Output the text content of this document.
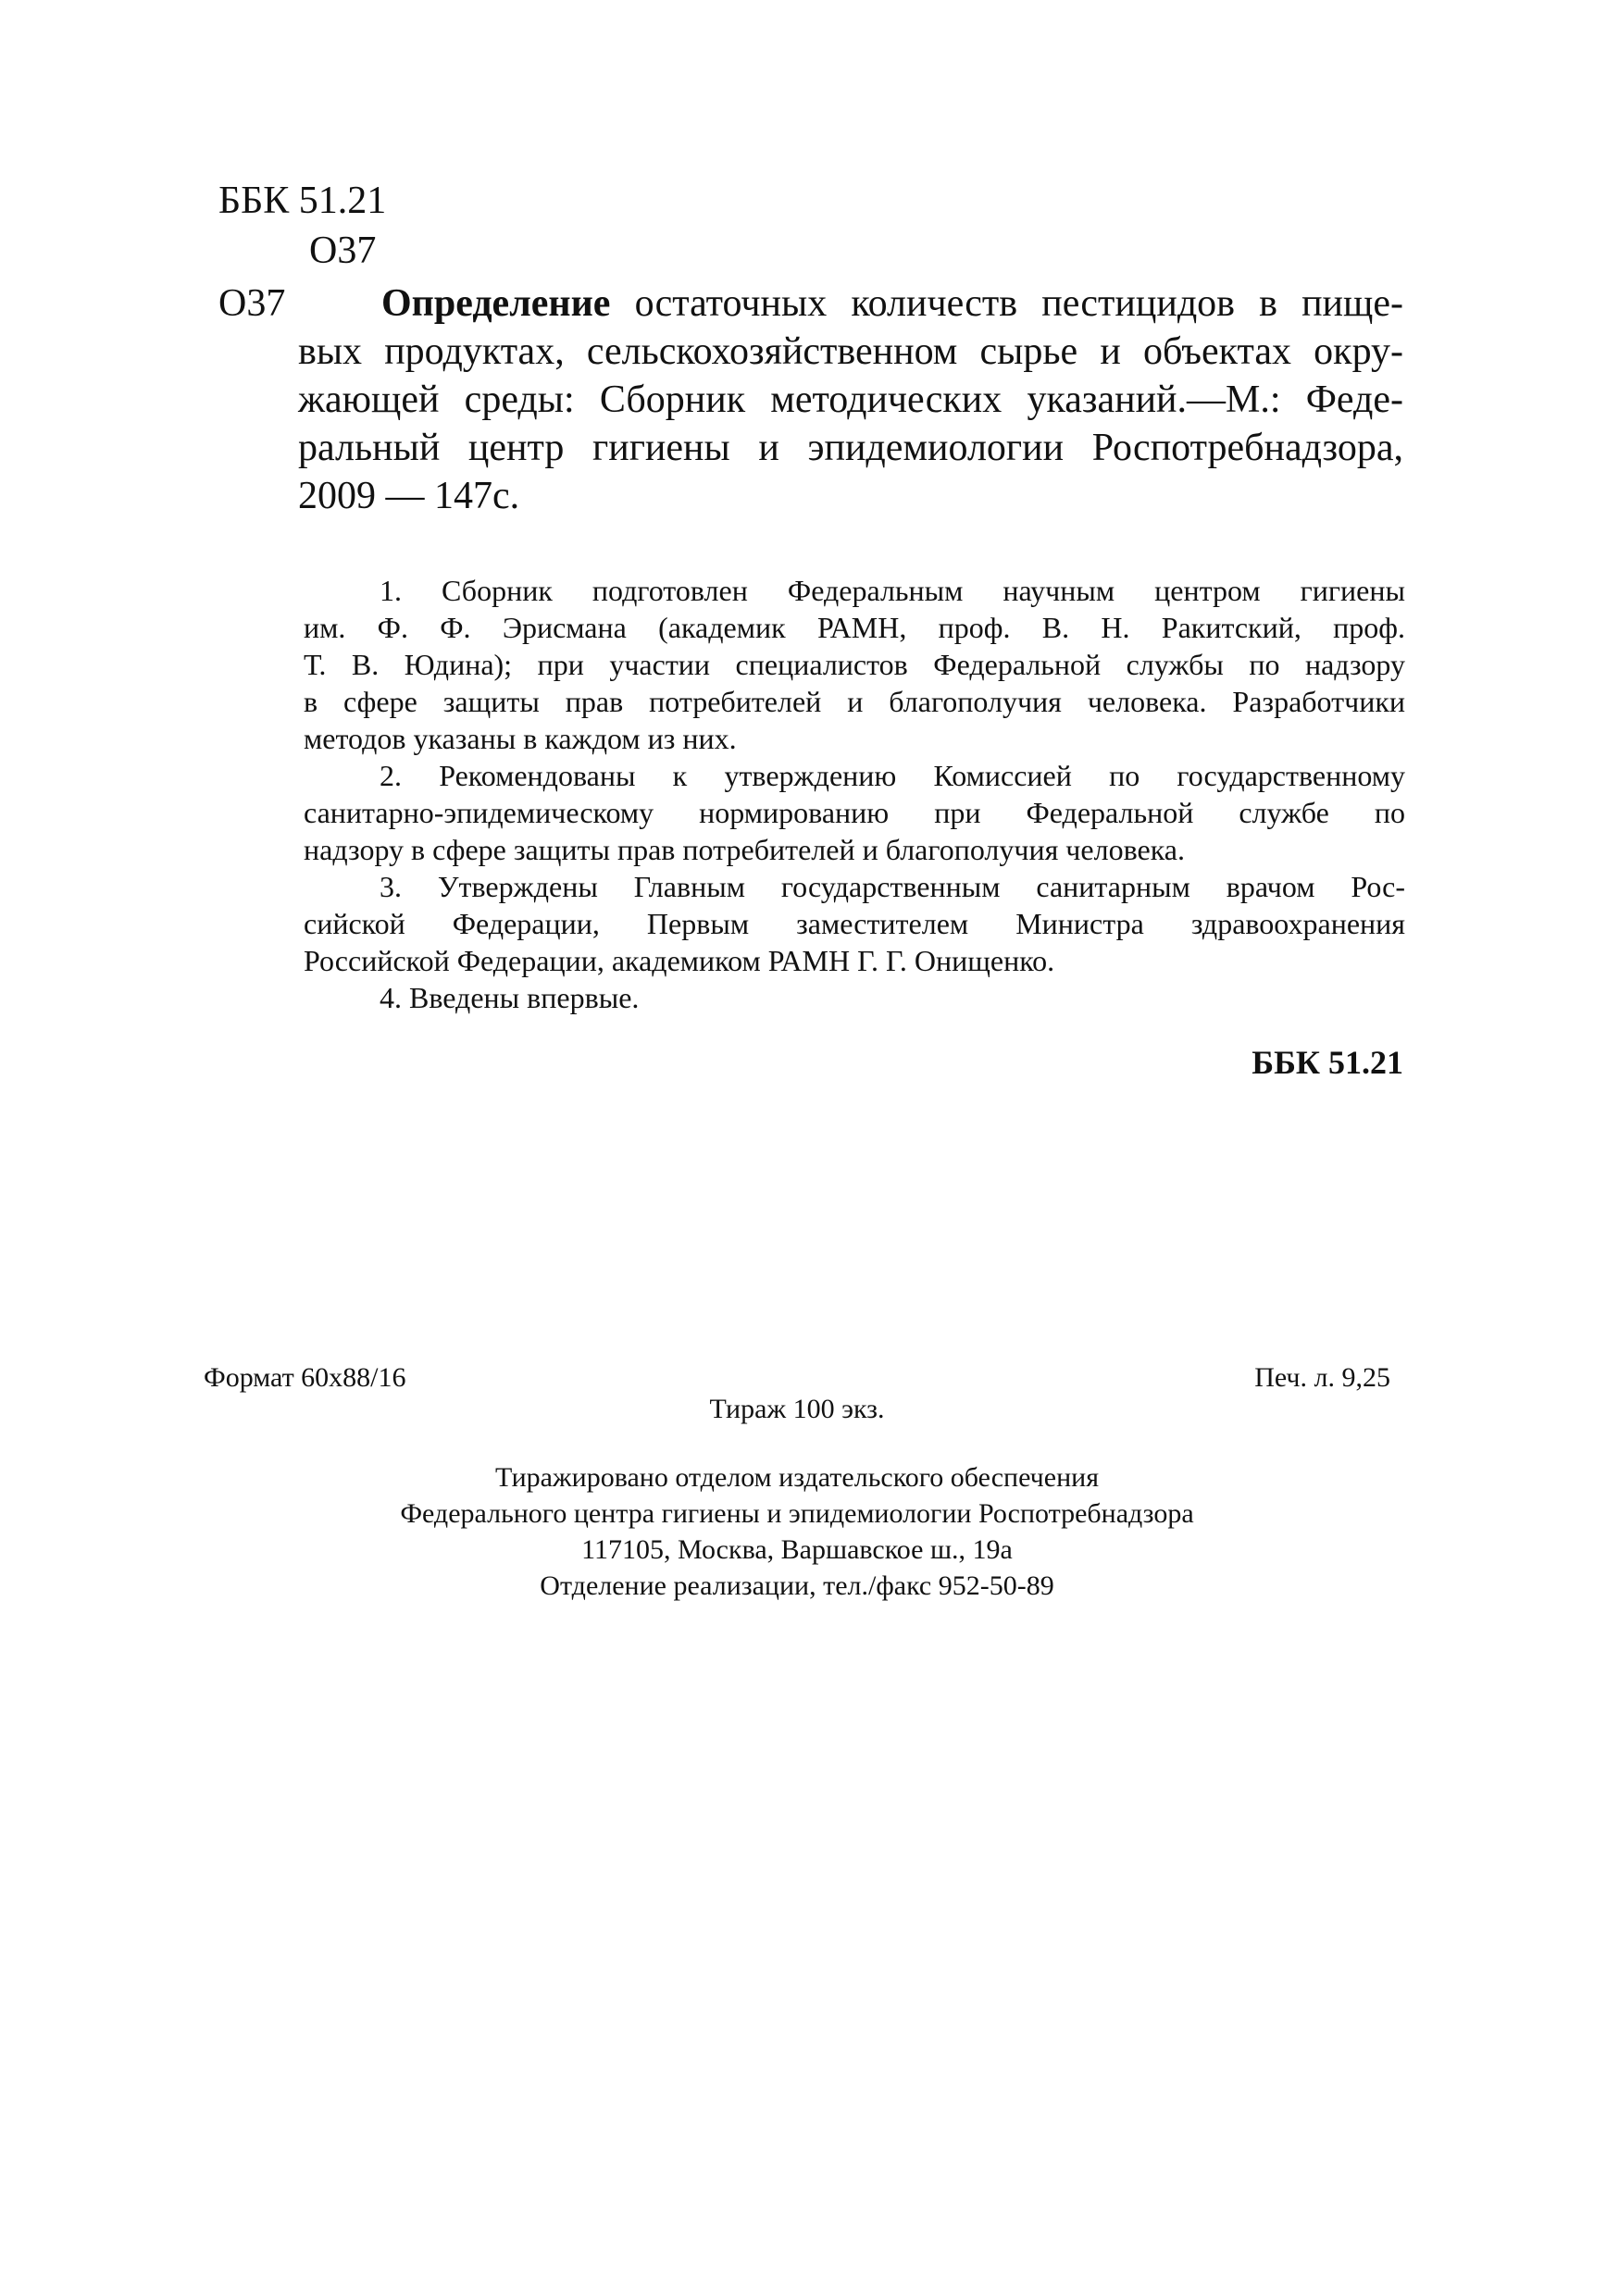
ББК 51.21
О37
О37	Определение остаточных количеств пестицидов в пище-
вых продуктах, сельскохозяйственном сырье и объектах окру-
жающей среды: Сборник методических указаний.—М.: Феде-
ральный центр гигиены и эпидемиологии Роспотребнадзора,
2009 — 147с.
1. Сборник подготовлен Федеральным научным центром гигиены
им. Ф. Ф. Эрисмана (академик РАМН, проф. В. Н. Ракитский, проф.
Т. В. Юдина); при участии специалистов Федеральной службы по надзору
в сфере защиты прав потребителей и благополучия человека. Разработчики
методов указаны в каждом из них.
2. Рекомендованы к утверждению Комиссией по государственному
санитарно-эпидемическому нормированию при Федеральной службе по
надзору в сфере защиты прав потребителей и благополучия человека.
3. Утверждены Главным государственным санитарным врачом Рос-
сийской Федерации, Первым заместителем Министра здравоохранения
Российской Федерации, академиком РАМН Г. Г. Онищенко.
4. Введены впервые.
ББК 51.21
Формат 60х88/16	Печ. л. 9,25
Тираж 100 экз.
Тиражировано отделом издательского обеспечения
Федерального центра гигиены и эпидемиологии Роспотребнадзора
117105, Москва, Варшавское ш., 19а
Отделение реализации, тел./факс 952-50-89
